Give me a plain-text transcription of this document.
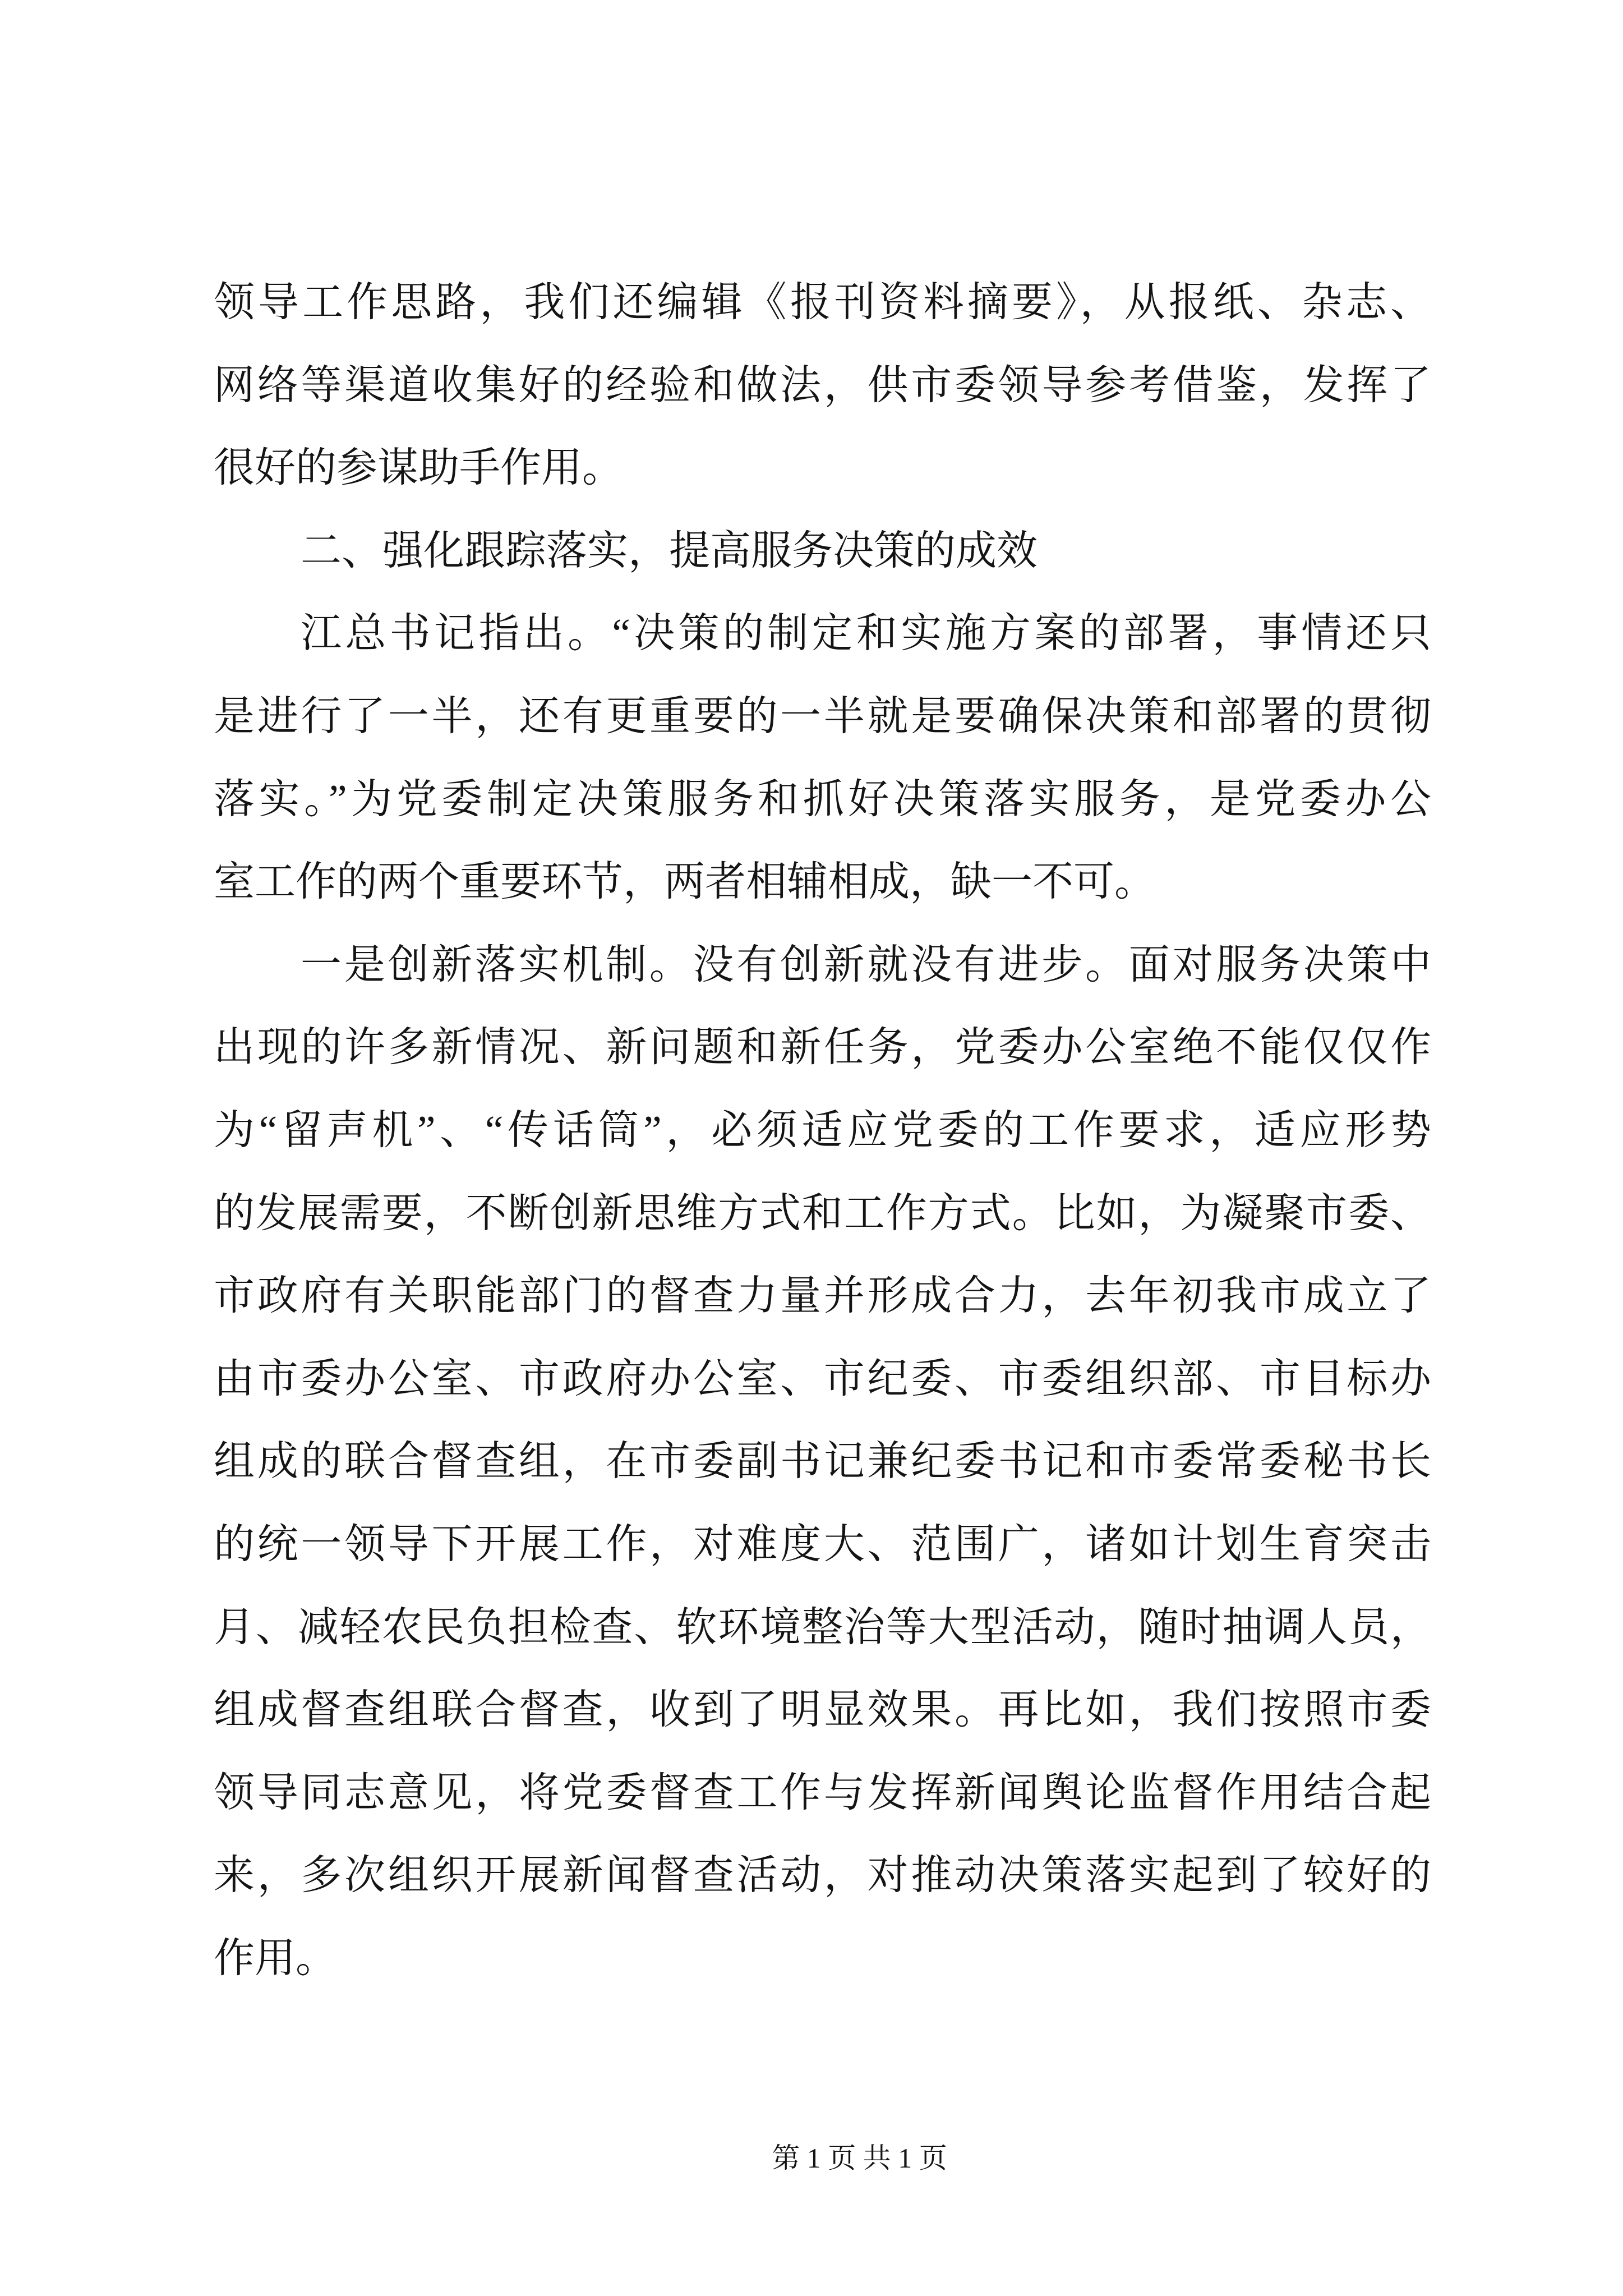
领导工作思路，我们还编辑《报刊资料摘要》，从报纸、杂志、
网络等渠道收集好的经验和做法，供市委领导参考借鉴，发挥了
很好的参谋助手作用。
二、强化跟踪落实，提高服务决策的成效
江总书记指出。“决策的制定和实施方案的部署，事情还只
是进行了一半，还有更重要的一半就是要确保决策和部署的贯彻
落实。”为党委制定决策服务和抓好决策落实服务，是党委办公
室工作的两个重要环节，两者相辅相成，缺一不可。
一是创新落实机制。没有创新就没有进步。面对服务决策中
出现的许多新情况、新问题和新任务，党委办公室绝不能仅仅作
为“留声机”、“传话筒”，必须适应党委的工作要求，适应形势
的发展需要，不断创新思维方式和工作方式。比如，为凝聚市委、
市政府有关职能部门的督查力量并形成合力，去年初我市成立了
由市委办公室、市政府办公室、市纪委、市委组织部、市目标办
组成的联合督查组，在市委副书记兼纪委书记和市委常委秘书长
的统一领导下开展工作，对难度大、范围广，诸如计划生育突击
月、减轻农民负担检查、软环境整治等大型活动，随时抽调人员，
组成督查组联合督查，收到了明显效果。再比如，我们按照市委
领导同志意见，将党委督查工作与发挥新闻舆论监督作用结合起
来，多次组织开展新闻督查活动，对推动决策落实起到了较好的
作用。
第 1 页 共 1 页
